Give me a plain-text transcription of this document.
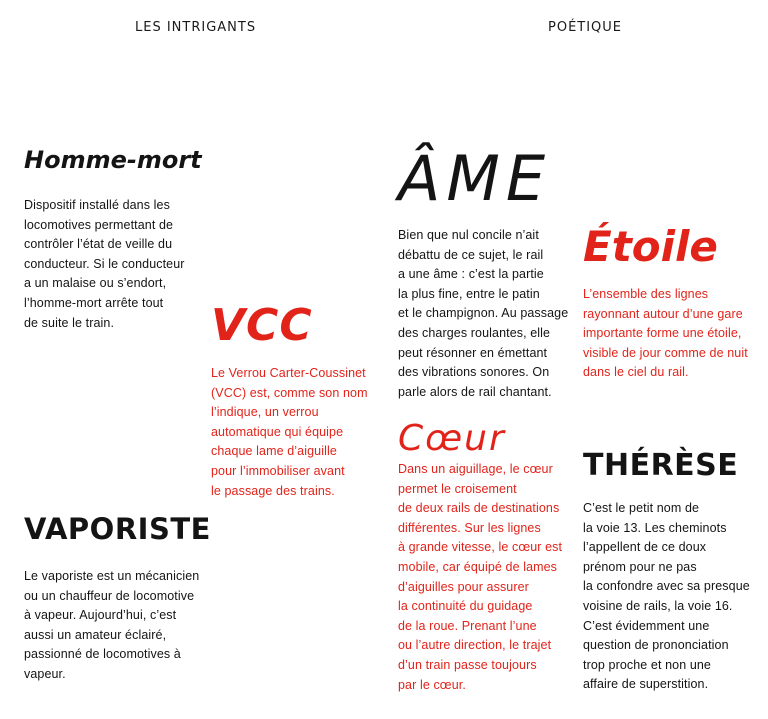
LES INTRIGANTS	POÉTIQUE
Homme-mort
Dispositif installé dans les
locomotives permettant de
contrôler l’état de veille du
conducteur. Si le conducteur
a un malaise ou s’endort,
l’homme-mort arrête tout
de suite le train.	VCC
Le Verrou Carter-Coussinet
(VCC) est, comme son nom
l’indique, un verrou
automatique qui équipe
chaque lame d’aiguille
pour l’immobiliser avant
le passage des trains.
VAPORISTE
Le vaporiste est un mécanicien
ou un chauffeur de locomotive
à vapeur. Aujourd’hui, c’est
aussi un amateur éclairé,
passionné de locomotives à
vapeur.
ÂME
Bien que nul concile n’ait
débattu de ce sujet, le rail
a une âme : c’est la partie
la plus fine, entre le patin
et le champignon. Au passage
des charges roulantes, elle
peut résonner en émettant
des vibrations sonores. On
parle alors de rail chantant.
Cœur
Dans un aiguillage, le cœur
permet le croisement
de deux rails de destinations
différentes. Sur les lignes
à grande vitesse, le cœur est
mobile, car équipé de lames
d’aiguilles pour assurer
la continuité du guidage
de la roue. Prenant l’une
ou l’autre direction, le trajet
d’un train passe toujours
par le cœur.
Étoile
L’ensemble des lignes
rayonnant autour d’une gare
importante forme une étoile,
visible de jour comme de nuit
dans le ciel du rail.
THÉRÈSE
C’est le petit nom de
la voie 13. Les cheminots
l’appellent de ce doux
prénom pour ne pas
la confondre avec sa presque
voisine de rails, la voie 16.
C’est évidemment une
question de prononciation
trop proche et non une
affaire de superstition.
